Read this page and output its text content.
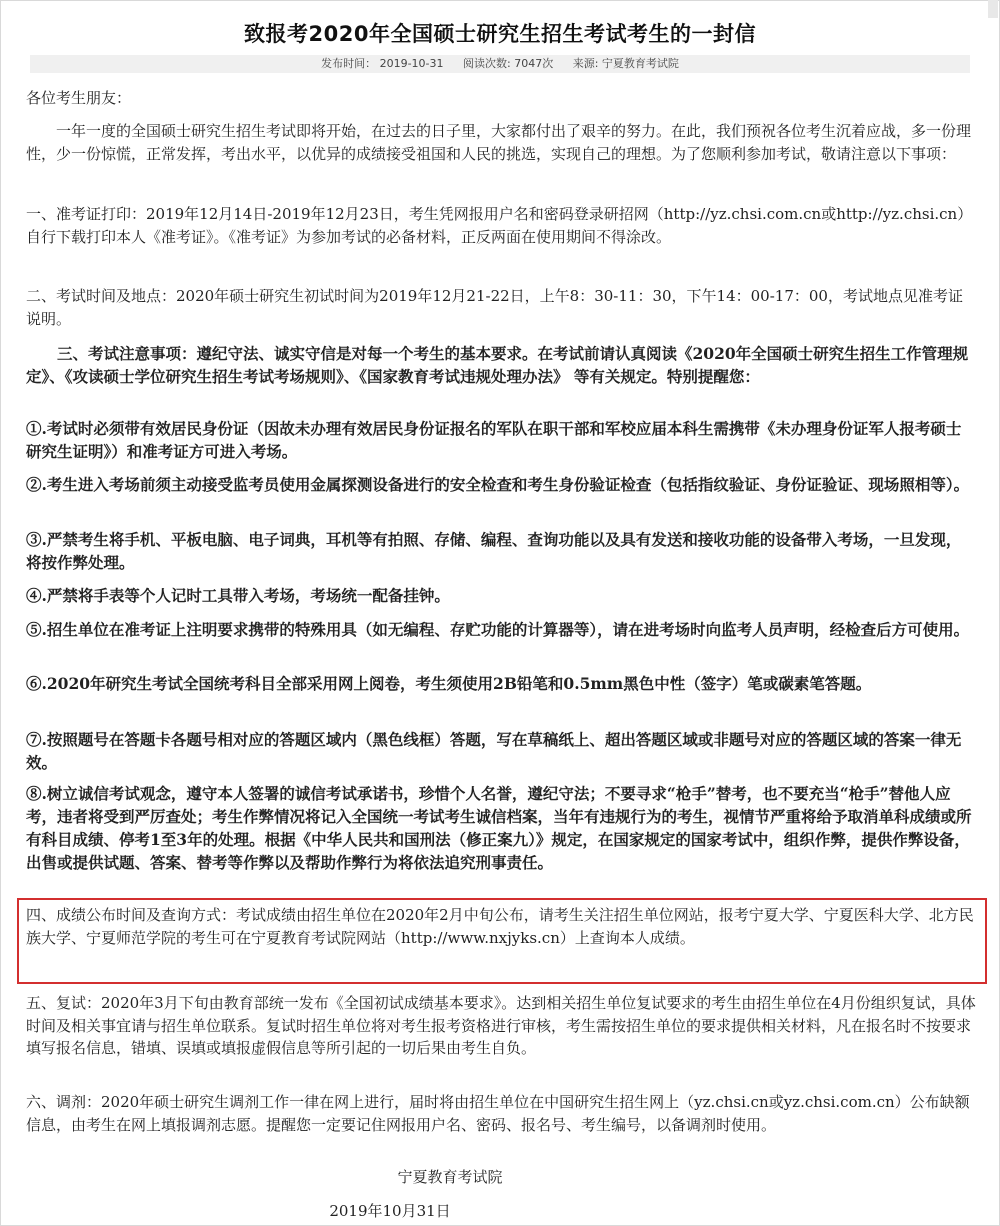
致报考2020年全国硕士研究生招生考试考生的一封信
发布时间： 2019-10-31 阅读次数: 7047次 来源: 宁夏教育考试院

各位考生朋友：

一年一度的全国硕士研究生招生考试即将开始，在过去的日子里，大家都付出了艰辛的努力。在此，我们预祝各位考生沉着应战，多一份理性，少一份惊慌，正常发挥，考出水平，以优异的成绩接受祖国和人民的挑选，实现自己的理想。为了您顺利参加考试，敬请注意以下事项：

一、准考证打印：2019年12月14日-2019年12月23日，考生凭网报用户名和密码登录研招网（http://yz.chsi.com.cn或http://yz.chsi.cn）自行下载打印本人《准考证》。《准考证》为参加考试的必备材料，正反两面在使用期间不得涂改。

二、考试时间及地点：2020年硕士研究生初试时间为2019年12月21-22日，上午8：30-11：30，下午14：00-17：00，考试地点见准考证说明。

三、考试注意事项：遵纪守法、诚实守信是对每一个考生的基本要求。在考试前请认真阅读《2020年全国硕士研究生招生工作管理规定》、《攻读硕士学位研究生招生考试考场规则》、《国家教育考试违规处理办法》 等有关规定。特别提醒您：

①.考试时必须带有效居民身份证（因故未办理有效居民身份证报名的军队在职干部和军校应届本科生需携带《未办理身份证军人报考硕士研究生证明》）和准考证方可进入考场。

②.考生进入考场前须主动接受监考员使用金属探测设备进行的安全检查和考生身份验证检查（包括指纹验证、身份证验证、现场照相等）。

③.严禁考生将手机、平板电脑、电子词典，耳机等有拍照、存储、编程、查询功能以及具有发送和接收功能的设备带入考场，一旦发现，将按作弊处理。

④.严禁将手表等个人记时工具带入考场，考场统一配备挂钟。

⑤.招生单位在准考证上注明要求携带的特殊用具（如无编程、存贮功能的计算器等），请在进考场时向监考人员声明，经检查后方可使用。

⑥.2020年研究生考试全国统考科目全部采用网上阅卷，考生须使用2B铅笔和0.5mm黑色中性（签字）笔或碳素笔答题。

⑦.按照题号在答题卡各题号相对应的答题区域内（黑色线框）答题，写在草稿纸上、超出答题区域或非题号对应的答题区域的答案一律无效。

⑧.树立诚信考试观念，遵守本人签署的诚信考试承诺书，珍惜个人名誉，遵纪守法；不要寻求“枪手”替考，也不要充当“枪手”替他人应考，违者将受到严厉查处；考生作弊情况将记入全国统一考试考生诚信档案，当年有违规行为的考生，视情节严重将给予取消单科成绩或所有科目成绩、停考1至3年的处理。根据《中华人民共和国刑法（修正案九）》规定，在国家规定的国家考试中，组织作弊，提供作弊设备，出售或提供试题、答案、替考等作弊以及帮助作弊行为将依法追究刑事责任。

四、成绩公布时间及查询方式：考试成绩由招生单位在2020年2月中旬公布，请考生关注招生单位网站，报考宁夏大学、宁夏医科大学、北方民族大学、宁夏师范学院的考生可在宁夏教育考试院网站（http://www.nxjyks.cn）上查询本人成绩。

五、复试：2020年3月下旬由教育部统一发布《全国初试成绩基本要求》。达到相关招生单位复试要求的考生由招生单位在4月份组织复试，具体时间及相关事宜请与招生单位联系。复试时招生单位将对考生报考资格进行审核，考生需按招生单位的要求提供相关材料，凡在报名时不按要求填写报名信息，错填、误填或填报虚假信息等所引起的一切后果由考生自负。

六、调剂：2020年硕士研究生调剂工作一律在网上进行，届时将由招生单位在中国研究生招生网上（yz.chsi.cn或yz.chsi.com.cn）公布缺额信息，由考生在网上填报调剂志愿。提醒您一定要记住网报用户名、密码、报名号、考生编号，以备调剂时使用。

宁夏教育考试院
2019年10月31日
